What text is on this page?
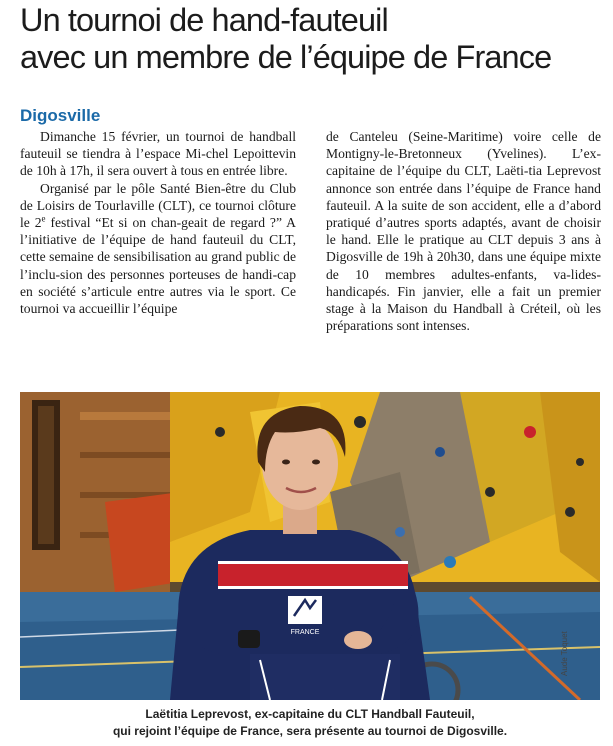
Un tournoi de hand-fauteuil
avec un membre de l’équipe de France
Digosville

Dimanche 15 février, un tournoi de handball fauteuil se tiendra à l’espace Mi-chel Lepoittevin de 10h à 17h, il sera ouvert à tous en entrée libre.

Organisé par le pôle Santé Bien-être du Club de Loisirs de Tourlaville (CLT), ce tournoi clôture le 2e festival “Et si on chan-geait de regard ?” A l’initiative de l’équipe de hand fauteuil du CLT, cette semaine de sensibilisation au grand public de l’inclu-sion des personnes porteuses de handi-cap en société s’articule entre autres via le sport. Ce tournoi va accueillir l’équipe

de Canteleu (Seine-Maritime) voire celle de Montigny-le-Bretonneux (Yvelines). L’ex-capitaine de l’équipe du CLT, Laëti-tia Leprevost annonce son entrée dans l’équipe de France hand fauteuil. A la suite de son accident, elle a d’abord pratiqué d’autres sports adaptés, avant de choisir le hand. Elle le pratique au CLT depuis 3 ans à Digosville de 19h à 20h30, dans une équipe mixte de 10 membres adultes-enfants, va-lides-handicapés. Fin janvier, elle a fait un premier stage à la Maison du Handball à Créteil, où les préparations sont intenses.

FRANCE	Aude Toquet
Laëtitia Leprevost, ex-capitaine du CLT Handball Fauteuil,
qui rejoint l’équipe de France, sera présente au tournoi de Digosville.
